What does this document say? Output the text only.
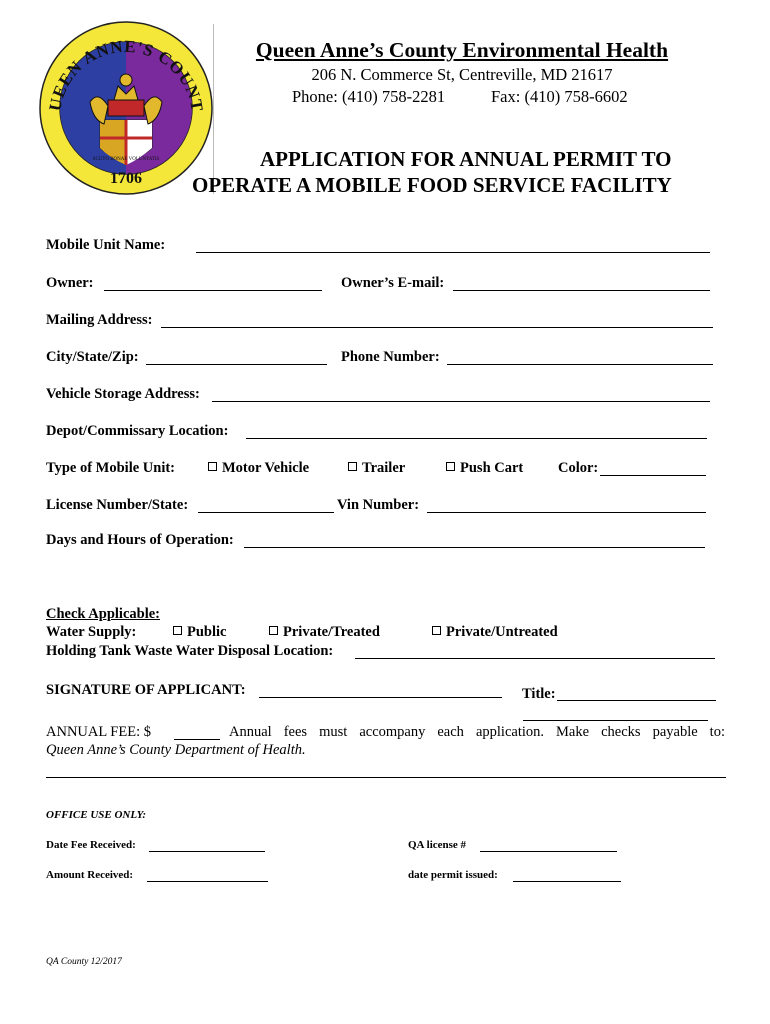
SCUTO BONAE VOLUNTATIS
UEEN ANNE'S COUNT
1706
Queen Anne’s County Environmental Health
206 N. Commerce St, Centreville, MD 21617
Phone: (410) 758-2281	Fax: (410) 758-6602
APPLICATION FOR ANNUAL PERMIT TO
OPERATE A MOBILE FOOD SERVICE FACILITY
Mobile Unit Name:
Owner:	Owner’s E-mail:
Mailing Address:
City/State/Zip:	Phone Number:
Vehicle Storage Address:
Depot/Commissary Location:
Type of Mobile Unit:	Motor Vehicle	Trailer	Push Cart Color:
License Number/State:	Vin Number:
Days and Hours of Operation:
Check Applicable:
Water Supply:	Public	Private/Treated	Private/Untreated
Holding Tank Waste Water Disposal Location:
SIGNATURE OF APPLICANT:	Title:
ANNUAL FEE: $	Annual fees must accompany each application. Make checks payable to:
Queen Anne’s County Department of Health.
OFFICE USE ONLY:
Date Fee Received:	QA license #
Amount Received:	date permit issued:
QA County 12/2017
